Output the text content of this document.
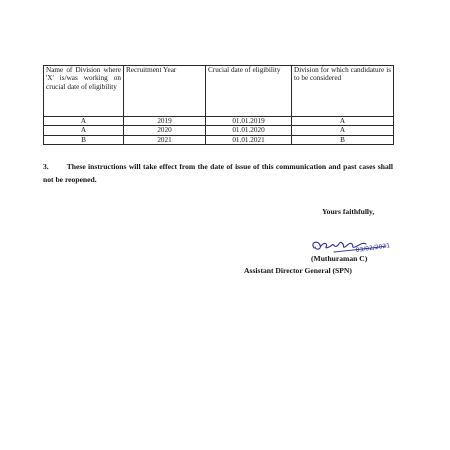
Name of Division where 'X' is/was working on crucial date of eligibility	Recruitment Year	Crucial date of eligibility	Division for which candidature is to be considered
A	2019	01.01.2019	A
A	2020	01.01.2020	A
B	2021	01.01.2021	B
3. These instructions will take effect from the date of issue of this communication and past cases shall not be reopened.
Yours faithfully,
03/02/2021
(Muthuraman C)
Assistant Director General (SPN)
